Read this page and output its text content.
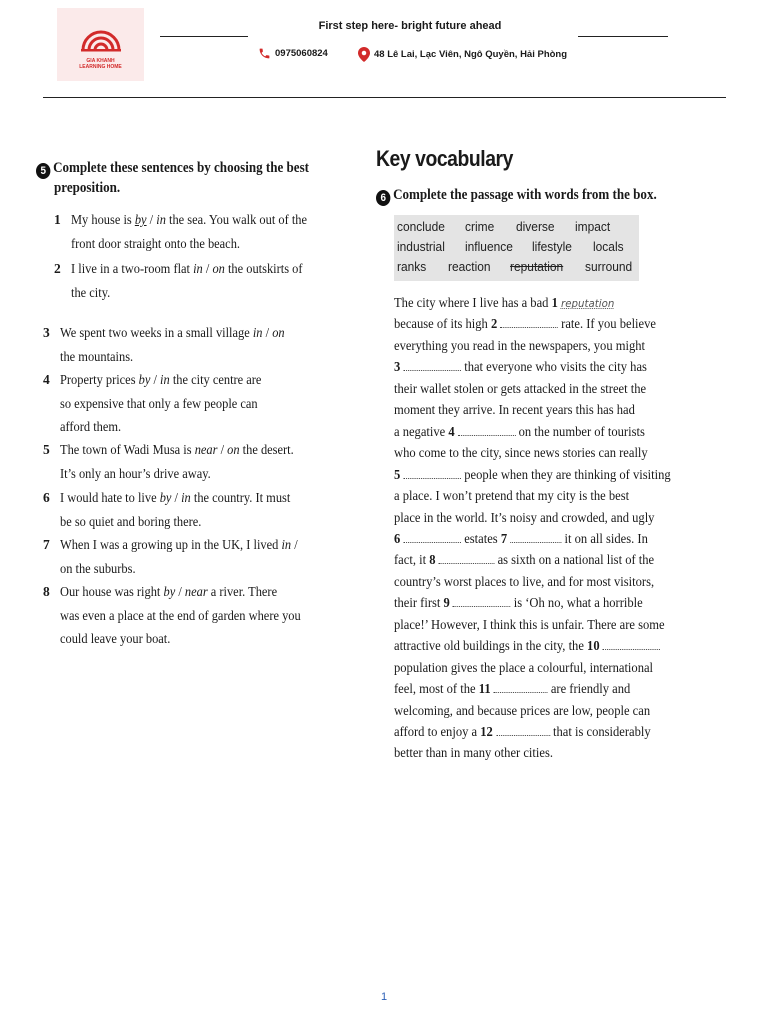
GIA KHANH
LEARNING HOME
First step here- bright future ahead
0975060824	48 Lê Lai, Lạc Viên, Ngô Quyền, Hải Phòng
5 Complete these sentences by choosing the best
preposition.
1 My house is by / in the sea. You walk out of the
front door straight onto the beach.
2 I live in a two-room flat in / on the outskirts of
the city.
3 We spent two weeks in a small village in / on
the mountains.
4 Property prices by / in the city centre are
so expensive that only a few people can
afford them.
5 The town of Wadi Musa is near / on the desert.
It’s only an hour’s drive away.
6 I would hate to live by / in the country. It must
be so quiet and boring there.
7 When I was a growing up in the UK, I lived in /
on the suburbs.
8 Our house was right by / near a river. There
was even a place at the end of garden where you
could leave your boat.
Key vocabulary
6 Complete the passage with words from the box.
conclude crime diverse impact
industrial influence lifestyle locals
ranks reaction reputation surround
The city where I live has a bad 1 reputation
because of its high 2	rate. If you believe
everything you read in the newspapers, you might
3	that everyone who visits the city has
their wallet stolen or gets attacked in the street the
moment they arrive. In recent years this has had
a negative 4	on the number of tourists
who come to the city, since news stories can really
5	people when they are thinking of visiting
a place. I won’t pretend that my city is the best
place in the world. It’s noisy and crowded, and ugly
6	estates 7	it on all sides. In
fact, it 8	as sixth on a national list of the
country’s worst places to live, and for most visitors,
their first 9	is ‘Oh no, what a horrible
place!’ However, I think this is unfair. There are some
attractive old buildings in the city, the 10
population gives the place a colourful, international
feel, most of the 11	are friendly and
welcoming, and because prices are low, people can
afford to enjoy a 12	that is considerably
better than in many other cities.
1
